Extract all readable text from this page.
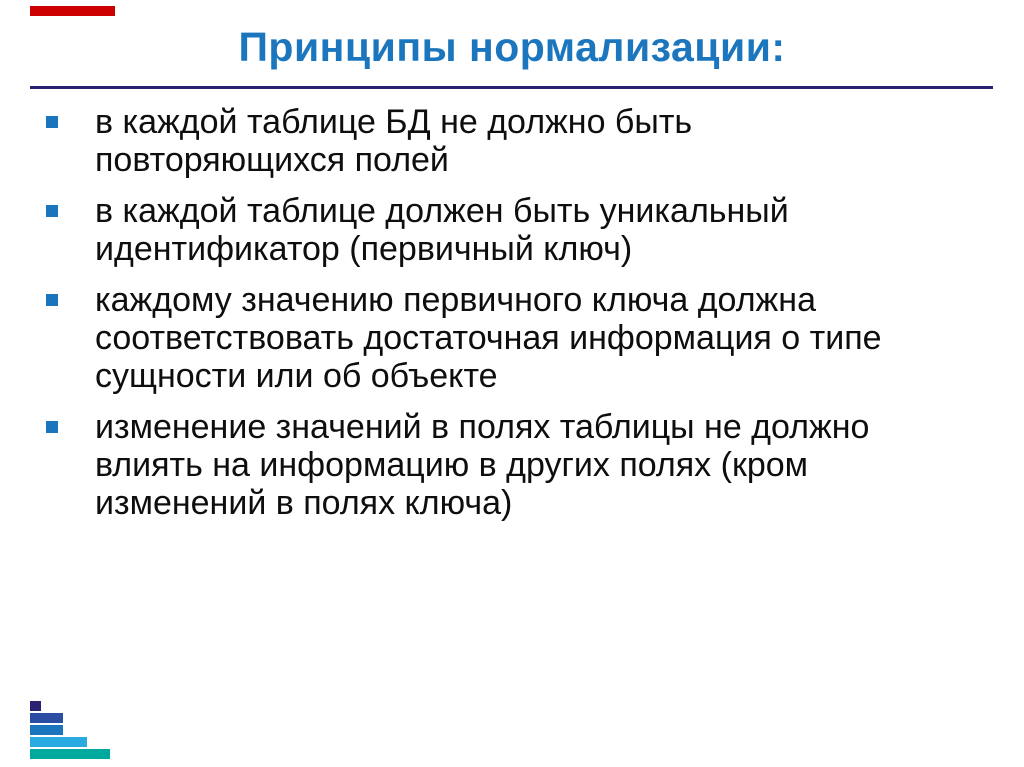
Принципы нормализации:
в каждой таблице БД не должно быть повторяющихся полей
в каждой таблице должен быть уникальный идентификатор (первичный ключ)
каждому значению первичного ключа должна соответствовать достаточная информация о типе сущности или об объекте
изменение значений в полях таблицы не должно влиять на информацию в других полях (кром изменений в полях ключа)
